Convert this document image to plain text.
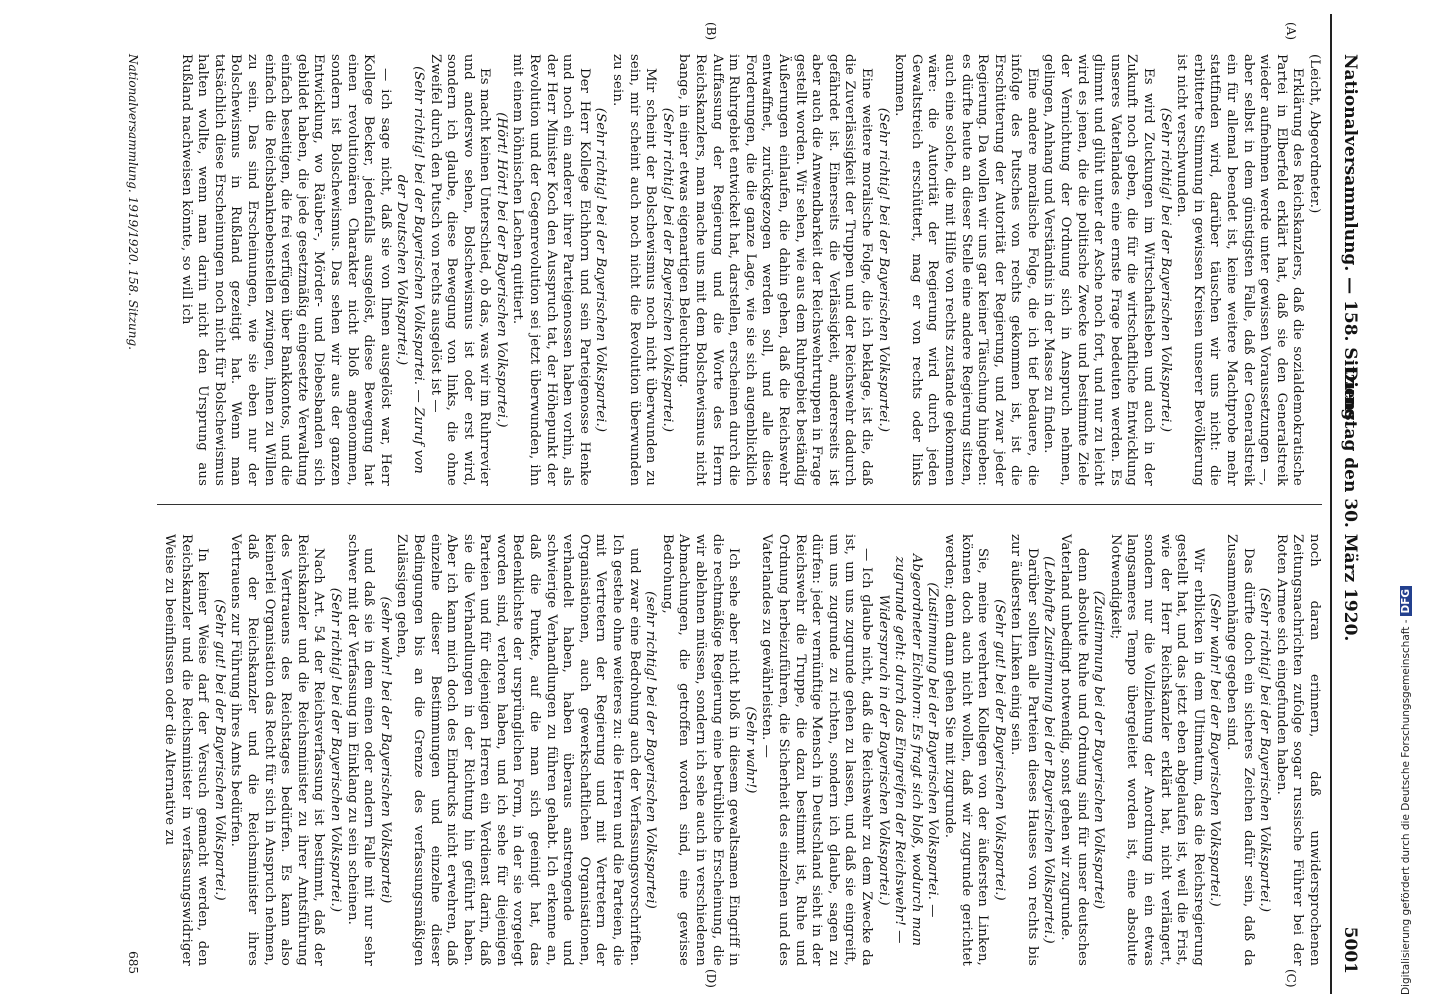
Nationalversammlung. — 158. Sitzung.
Dienstag den 30. März 1920.
5001
(A)
(B)
(C)
(D)

(Leicht, Abgeordneter.)

Erklärung des Reichskanzlers, daß die sozialdemokratische Partei in Elberfeld erklärt hat, daß sie den Generalstreik wieder aufnehmen werde unter gewissen Voraussetzungen —, aber selbst in dem günstigsten Falle, daß der Generalstreik ein für allemal beendet ist, keine weitere Machtprobe mehr stattfinden wird, darüber täuschen wir uns nicht: die erbitterte Stimmung in gewissen Kreisen unserer Bevölkerung ist nicht verschwunden.

(Sehr richtig! bei der Bayerischen Volkspartei.)

Es wird Zuckungen im Wirtschaftsleben und auch in der Zukunft noch geben, die für die wirtschaftliche Entwicklung unseres Vaterlandes eine ernste Frage bedeuten werden. Es glimmt und glüht unter der Asche noch fort, und nur zu leicht wird es jenen, die die politische Zwecke und bestimmte Ziele der Vernichtung der Ordnung sich in Anspruch nehmen, gelingen, Anhang und Verständnis in der Masse zu finden.

Eine andere moralische Folge, die ich tief bedauere, die infolge des Putsches von rechts gekommen ist, ist die Erschütterung der Autorität der Regierung, und zwar jeder Regierung. Da wollen wir uns gar keiner Täuschung hingeben: es dürfte heute an dieser Stelle eine andere Regierung sitzen, auch eine solche, die mit Hilfe von rechts zustande gekommen wäre: die Autorität der Regierung wird durch jeden Gewaltstreich erschüttert, mag er von rechts oder links kommen.

(Sehr richtig! bei der Bayerischen Volkspartei.)

Eine weitere moralische Folge, die ich beklage, ist die, daß die Zuverlässigkeit der Truppen und der Reichswehr dadurch gefährdet ist. Einerseits die Verlässigkeit, andererseits ist aber auch die Anwendbarkeit der Reichswehrtruppen in Frage gestellt worden. Wir sehen, wie aus dem Ruhrgebiet beständig Äußerungen einlaufen, die dahin gehen, daß die Reichswehr entwaffnet, zurückgezogen werden soll, und alle diese Forderungen, die die ganze Lage, wie sie sich augenblicklich im Ruhrgebiet entwickelt hat, darstellen, erscheinen durch die Auffassung der Regierung und die Worte des Herrn Reichskanzlers, man mache uns mit dem Bolschewismus nicht bange, in einer etwas eigenartigen Beleuchtung.

(Sehr richtig! bei der Bayerischen Volkspartei.)

Mir scheint der Bolschewismus noch nicht überwunden zu sein, mir scheint auch noch nicht die Revolution überwunden zu sein.

(Sehr richtig! bei der Bayerischen Volkspartei.)

Der Herr Kollege Eichhorn und sein Parteigenosse Henke und noch ein anderer ihrer Parteigenossen haben vorhin, als der Herr Minister Koch den Ausspruch tat, der Höhepunkt der Revolution und der Gegenrevolution sei jetzt überwunden, ihn mit einem höhnischen Lachen quittiert.

(Hört! Hört! bei der Bayerischen Volkspartei.)

Es macht keinen Unterschied, ob das, was wir im Ruhrrevier und anderswo sehen, Bolschewismus ist oder erst wird, sondern ich glaube, diese Bewegung von links, die ohne Zweifel durch den Putsch von rechts ausgelöst ist —

(Sehr richtig! bei der Bayerischen Volkspartei. — Zuruf von der Deutschen Volkspartei.)

— ich sage nicht, daß sie von Ihnen ausgelöst war, Herr Kollege Becker, jedenfalls ausgelöst, diese Bewegung hat einen revolutionären Charakter nicht bloß angenommen, sondern ist Bolschewismus. Das sehen wir aus der ganzen Entwicklung, wo Räuber-, Mörder- und Diebesbanden sich gebildet haben, die jede gesetzmäßig eingesetzte Verwaltung einfach beseitigen, die frei verfügen über Bankkontos, und die einfach die Reichsbanknebenstellen zwingen, ihnen zu Willen zu sein. Das sind Erscheinungen, wie sie eben nur der Bolschewismus in Rußland gezeitigt hat. Wenn man tatsächlich diese Erscheinungen noch nicht für Bolschewismus halten wollte, wenn man darin nicht den Ursprung aus Rußland nachweisen könnte, so will ich

noch daran erinnern, daß unwidersprochenen Zeitungsnachrichten zufolge sogar russische Führer bei der Roten Armee sich eingefunden haben.

(Sehr richtig! bei der Bayerischen Volkspartei.)

Das dürfte doch ein sicheres Zeichen dafür sein, daß da Zusammenhänge gegeben sind.

(Sehr wahr! bei der Bayerischen Volkspartei.)

Wir erblicken in dem Ultimatum, das die Reichsregierung gestellt hat, und das jetzt eben abgelaufen ist, weil die Frist, wie der Herr Reichskanzler erklärt hat, nicht verlängert, sondern nur die Vollziehung der Anordnung in ein etwas langsameres Tempo übergeleitet worden ist, eine absolute Notwendigkeit;

(Zustimmung bei der Bayerischen Volkspartei)

denn absolute Ruhe und Ordnung sind für unser deutsches Vaterland unbedingt notwendig, sonst gehen wir zugrunde.

(Lebhafte Zustimmung bei der Bayerischen Volkspartei.)

Darüber sollten alle Parteien dieses Hauses von rechts bis zur äußersten Linken einig sein.

(Sehr gut! bei der Bayerischen Volkspartei.)

Sie, meine verehrten Kollegen von der äußersten Linken, können doch auch nicht wollen, daß wir zugrunde gerichtet werden; denn dann gehen Sie mit zugrunde.

(Zustimmung bei der Bayerischen Volkspartei. — Abgeordneter Eichhorn: Es fragt sich bloß, wodurch man zugrunde geht: durch das Eingreifen der Reichswehr! — Widerspruch in der Bayerischen Volkspartei.)

— Ich glaube nicht, daß die Reichswehr zu dem Zwecke da ist, um uns zugrunde gehen zu lassen, und daß sie eingreift, um uns zugrunde zu richten, sondern ich glaube, sagen zu dürfen: jeder vernünftige Mensch in Deutschland sieht in der Reichswehr die Truppe, die dazu bestimmt ist, Ruhe und Ordnung herbeizuführen, die Sicherheit des einzelnen und des Vaterlandes zu gewährleisten. —

(Sehr wahr!)

Ich sehe aber nicht bloß in diesem gewaltsamen Eingriff in die rechtmäßige Regierung eine betrübliche Erscheinung, die wir ablehnen müssen, sondern ich sehe auch in verschiedenen Abmachungen, die getroffen worden sind, eine gewisse Bedrohung,

(sehr richtig! bei der Bayerischen Volkspartei)

und zwar eine Bedrohung auch der Verfassungsvorschriften. Ich gestehe ohne weiteres zu: die Herren und die Parteien, die mit Vertretern der Regierung und mit Vertretern der Organisationen, auch gewerkschaftlichen Organisationen, verhandelt haben, haben überaus anstrengende und schwierige Verhandlungen zu führen gehabt. Ich erkenne an, daß die Punkte, auf die man sich geeinigt hat, das Bedenklichste der ursprünglichen Form, in der sie vorgelegt worden sind, verloren haben, und ich sehe für diejenigen Parteien und für diejenigen Herren ein Verdienst darin, daß sie die Verhandlungen in der Richtung hin geführt haben. Aber ich kann mich doch des Eindrucks nicht erwehren, daß einzelne dieser Bestimmungen und einzelne dieser Bedingungen bis an die Grenze des verfassungsmäßigen Zulässigen gehen,

(sehr wahr! bei der Bayerischen Volkspartei)

und daß sie in dem einen oder andern Falle mit nur sehr schwer mit der Verfassung im Einklang zu sein scheinen.

(Sehr richtig! bei der Bayerischen Volkspartei.)

Nach Art. 54 der Reichsverfassung ist bestimmt, daß der Reichskanzler und die Reichsminister zu ihrer Amtsführung des Vertrauens des Reichstages bedürfen. Es kann also keinerlei Organisation das Recht für sich in Anspruch nehmen, daß der Reichskanzler und die Reichsminister ihres Vertrauens zur Führung ihres Amts bedürfen.

(Sehr gut! bei der Bayerischen Volkspartei.)

In keiner Weise darf der Versuch gemacht werden, den Reichskanzler und die Reichsminister in verfassungswidriger Weise zu beeinflussen oder die Alternative zu

Nationalversammlung. 1919/1920. 158. Sitzung.
685	Digitalisierung gefördert durch die Deutsche Forschungsgemeinschaft -DFG
